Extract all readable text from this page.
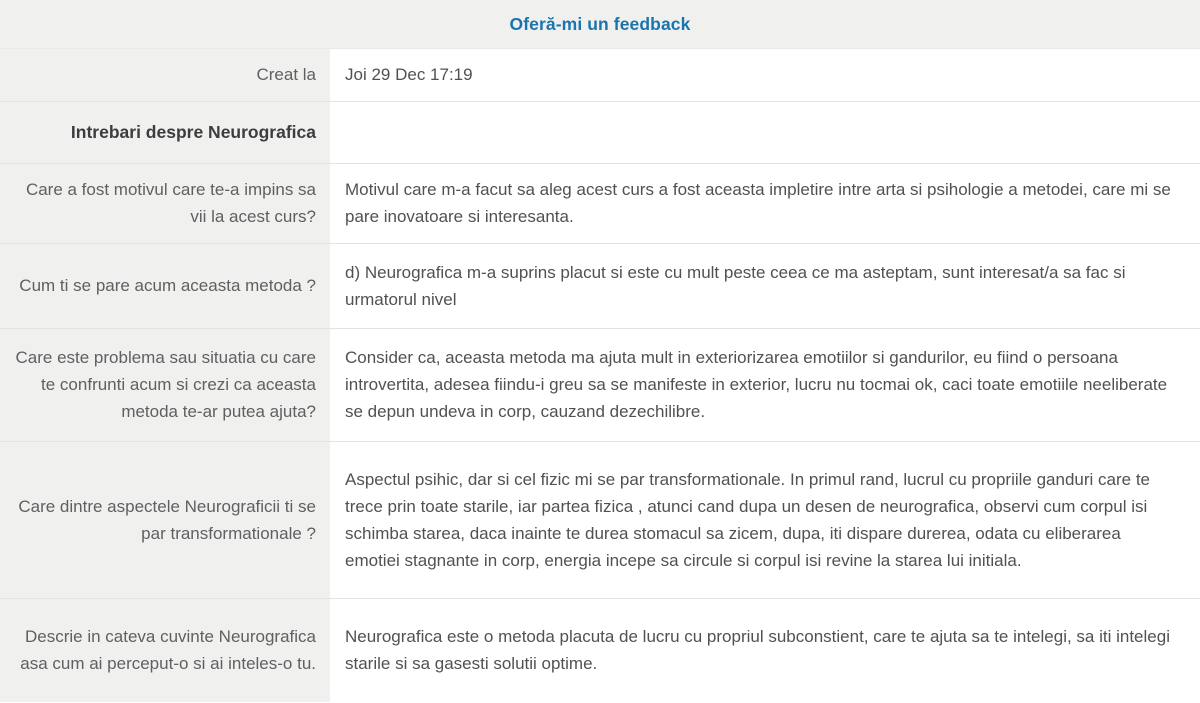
Oferă-mi un feedback
Creat la	Joi 29 Dec 17:19
Intrebari despre Neurografica	
Care a fost motivul care te-a impins sa vii la acest curs?	Motivul care m-a facut sa aleg acest curs a fost aceasta impletire intre arta si psihologie a metodei, care mi se pare inovatoare si interesanta.
Cum ti se pare acum aceasta metoda ?	d) Neurografica m-a suprins placut si este cu mult peste ceea ce ma asteptam, sunt interesat/a sa fac si urmatorul nivel
Care este problema sau situatia cu care te confrunti acum si crezi ca aceasta metoda te-ar putea ajuta?	Consider ca, aceasta metoda ma ajuta mult in exteriorizarea emotiilor si gandurilor, eu fiind o persoana introvertita, adesea fiindu-i greu sa se manifeste in exterior, lucru nu tocmai ok, caci toate emotiile neeliberate se depun undeva in corp, cauzand dezechilibre.
Care dintre aspectele Neurograficii ti se par transformationale ?	Aspectul psihic, dar si cel fizic mi se par transformationale. In primul rand, lucrul cu propriile ganduri care te trece prin toate starile, iar partea fizica , atunci cand dupa un desen de neurografica, observi cum corpul isi schimba starea, daca inainte te durea stomacul sa zicem, dupa, iti dispare durerea, odata cu eliberarea emotiei stagnante in corp, energia incepe sa circule si corpul isi revine la starea lui initiala.
Descrie in cateva cuvinte Neurografica asa cum ai perceput-o si ai inteles-o tu.	Neurografica este o metoda placuta de lucru cu propriul subconstient, care te ajuta sa te intelegi, sa iti intelegi starile si sa gasesti solutii optime.
